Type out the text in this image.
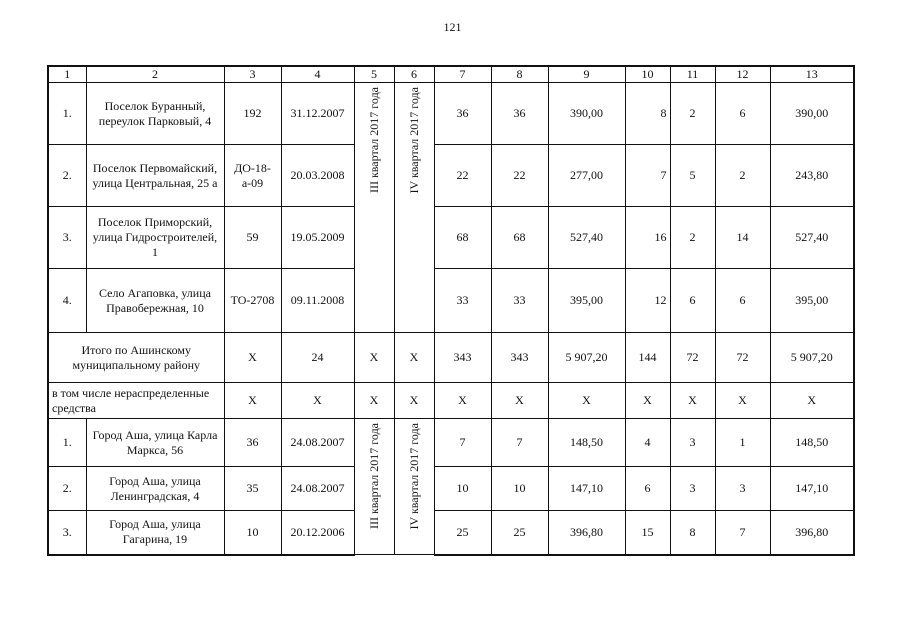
121
1	2	3	4	5	6	7	8	9	10	11	12	13
1.	Поселок Буранный, переулок Парковый, 4	192	31.12.2007	III квартал 2017 года	IV квартал 2017 года	36	36	390,00	8	2	6	390,00
2.	Поселок Первомайский, улица Центральная, 25 а	ДО-18-а-09	20.03.2008			22	22	277,00	7	5	2	243,80
3.	Поселок Приморский, улица Гидростроителей, 1	59	19.05.2009			68	68	527,40	16	2	14	527,40
4.	Село Агаповка, улица Правобережная, 10	ТО-2708	09.11.2008			33	33	395,00	12	6	6	395,00
Итого по Ашинскому муниципальному району		Х	24	Х	Х	343	343	5 907,20	144	72	72	5 907,20
в том числе нераспределенные средства		Х	Х	Х	Х	Х	Х	Х	Х	Х	Х	Х
1.	Город Аша, улица Карла Маркса, 56	36	24.08.2007	III квартал 2017 года	IV квартал 2017 года	7	7	148,50	4	3	1	148,50
2.	Город Аша, улица Ленинградская, 4	35	24.08.2007			10	10	147,10	6	3	3	147,10
3.	Город Аша, улица Гагарина, 19	10	20.12.2006			25	25	396,80	15	8	7	396,80
